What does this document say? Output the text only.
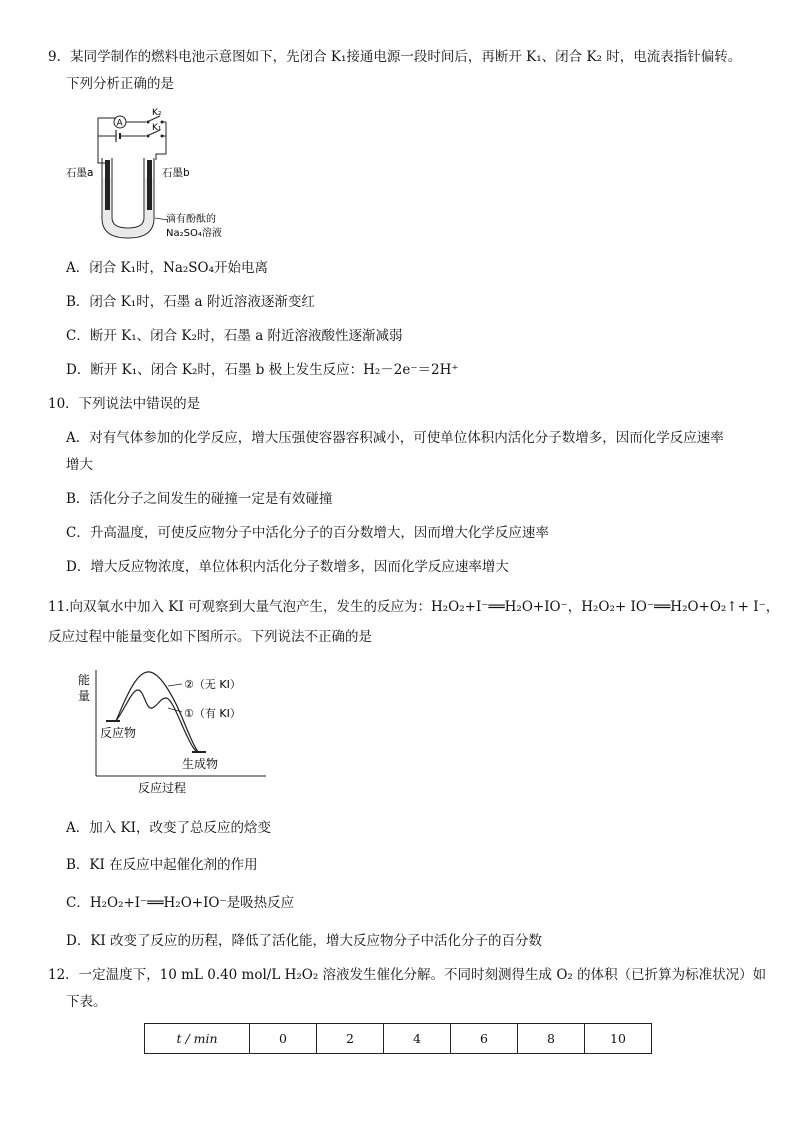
9．某同学制作的燃料电池示意图如下，先闭合 K₁接通电源一段时间后，再断开 K₁、闭合 K₂ 时，电流表指针偏转。
下列分析正确的是
A
K₂
K₁
石墨a	石墨b
滴有酚酞的
Na₂SO₄溶液
A．闭合 K₁时，Na₂SO₄开始电离
B．闭合 K₁时，石墨 a 附近溶液逐渐变红
C．断开 K₁、闭合 K₂时，石墨 a 附近溶液酸性逐渐减弱
D．断开 K₁、闭合 K₂时，石墨 b 极上发生反应：H₂－2e⁻＝2H⁺
10．下列说法中错误的是
A．对有气体参加的化学反应，增大压强使容器容积减小，可使单位体积内活化分子数增多，因而化学反应速率
增大
B．活化分子之间发生的碰撞一定是有效碰撞
C．升高温度，可使反应物分子中活化分子的百分数增大，因而增大化学反应速率
D．增大反应物浓度，单位体积内活化分子数增多，因而化学反应速率增大
11.向双氧水中加入 KI 可观察到大量气泡产生，发生的反应为：H₂O₂+I⁻══H₂O+IO⁻，H₂O₂+ IO⁻══H₂O+O₂↑+ I⁻，
反应过程中能量变化如下图所示。下列说法不正确的是
能
量
②（无 KI）
①（有 KI）
反应物
生成物
反应过程
A．加入 KI，改变了总反应的焓变
B．KI 在反应中起催化剂的作用
C．H₂O₂+I⁻══H₂O+IO⁻是吸热反应
D．KI 改变了反应的历程，降低了活化能，增大反应物分子中活化分子的百分数
12．一定温度下，10 mL 0.40 mol/L H₂O₂ 溶液发生催化分解。不同时刻测得生成 O₂ 的体积（已折算为标准状况）如
下表。
t / min	0	2	4	6	8	10
